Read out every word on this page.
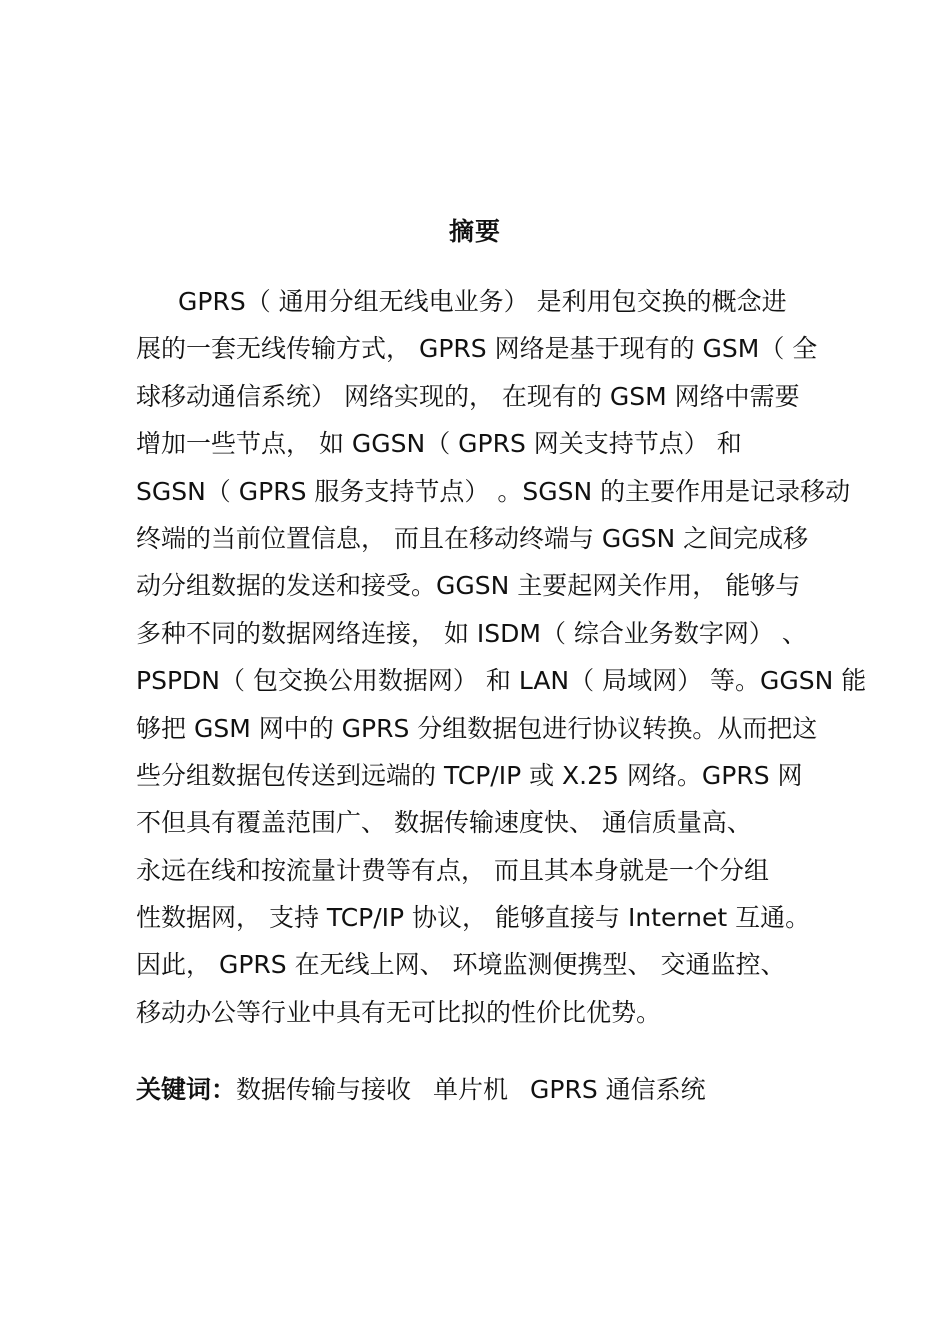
摘要
GPRS（ 通用分组无线电业务） 是利用包交换的概念进
展的一套无线传输方式， GPRS 网络是基于现有的 GSM（ 全
球移动通信系统） 网络实现的， 在现有的 GSM 网络中需要
增加一些节点， 如 GGSN（ GPRS 网关支持节点） 和
SGSN（ GPRS 服务支持节点） 。SGSN 的主要作用是记录移动
终端的当前位置信息， 而且在移动终端与 GGSN 之间完成移
动分组数据的发送和接受。GGSN 主要起网关作用， 能够与
多种不同的数据网络连接， 如 ISDM（ 综合业务数字网） 、
PSPDN（ 包交换公用数据网） 和 LAN（ 局域网） 等。GGSN 能
够把 GSM 网中的 GPRS 分组数据包进行协议转换。从而把这
些分组数据包传送到远端的 TCP/IP 或 X.25 网络。GPRS 网
不但具有覆盖范围广、 数据传输速度快、 通信质量高、
永远在线和按流量计费等有点， 而且其本身就是一个分组
性数据网， 支持 TCP/IP 协议， 能够直接与 Internet 互通。
因此， GPRS 在无线上网、 环境监测便携型、 交通监控、
移动办公等行业中具有无可比拟的性价比优势。
关键词：数据传输与接收 单片机 GPRS 通信系统
